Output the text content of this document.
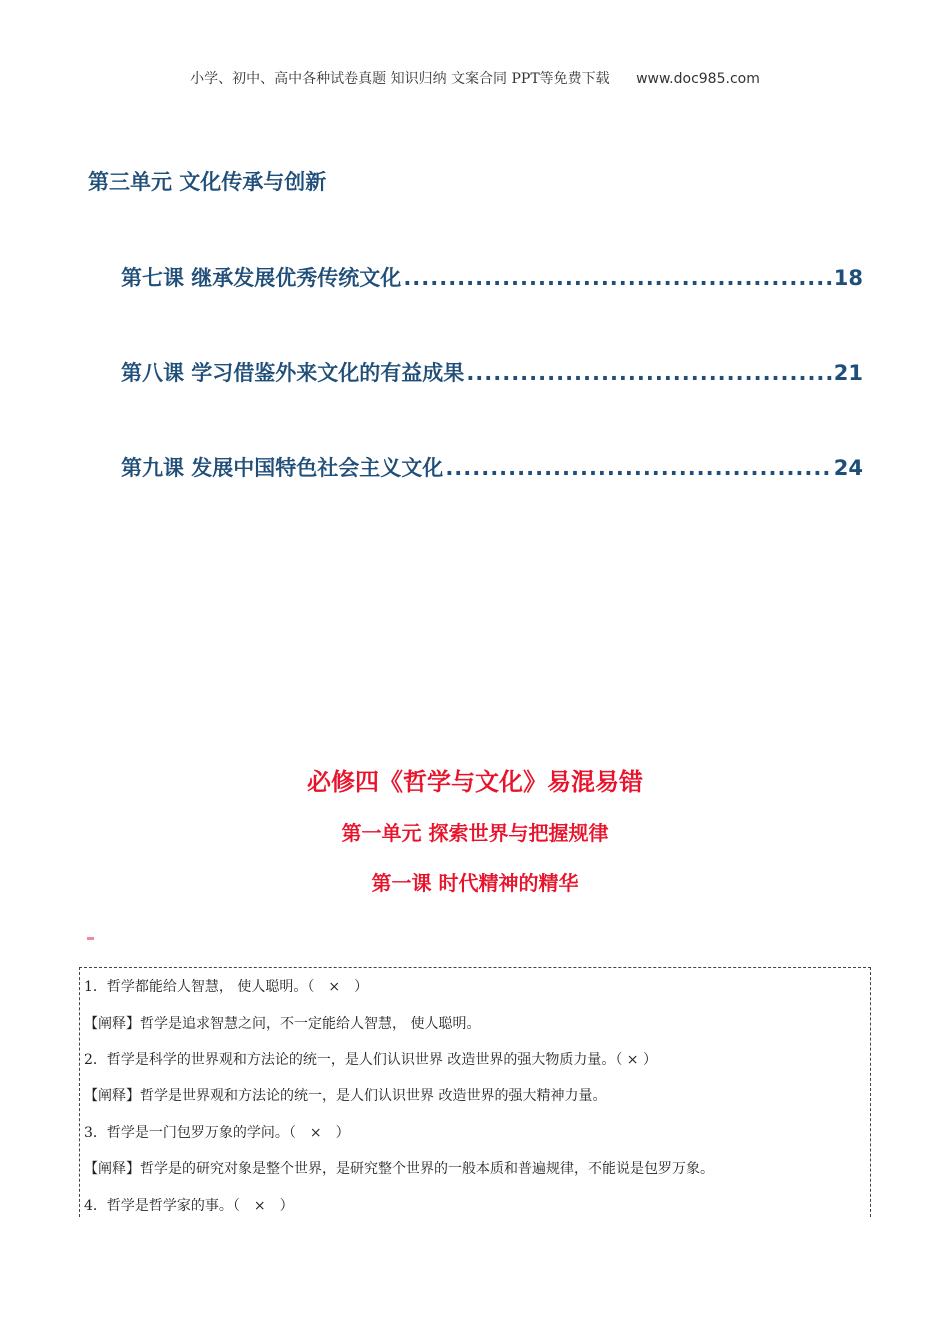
小学、初中、高中各种试卷真题 知识归纳 文案合同 PPT等免费下载 www.doc985.com
第三单元 文化传承与创新
第七课 继承发展优秀传统文化 .....	18
第八课 学习借鉴外来文化的有益成果 .....	21
第九课 发展中国特色社会主义文化 .....	24
必修四《哲学与文化》易混易错
第一单元 探索世界与把握规律
第一课 时代精神的精华
1．哲学都能给人智慧， 使人聪明。（　×　）
【阐释】哲学是追求智慧之问，不一定能给人智慧， 使人聪明。
2．哲学是科学的世界观和方法论的统一，是人们认识世界 改造世界的强大物质力量。（ × ）
【阐释】哲学是世界观和方法论的统一，是人们认识世界 改造世界的强大精神力量。
3．哲学是一门包罗万象的学问。（　×　）
【阐释】哲学是的研究对象是整个世界，是研究整个世界的一般本质和普遍规律，不能说是包罗万象。
4．哲学是哲学家的事。（　×　）
